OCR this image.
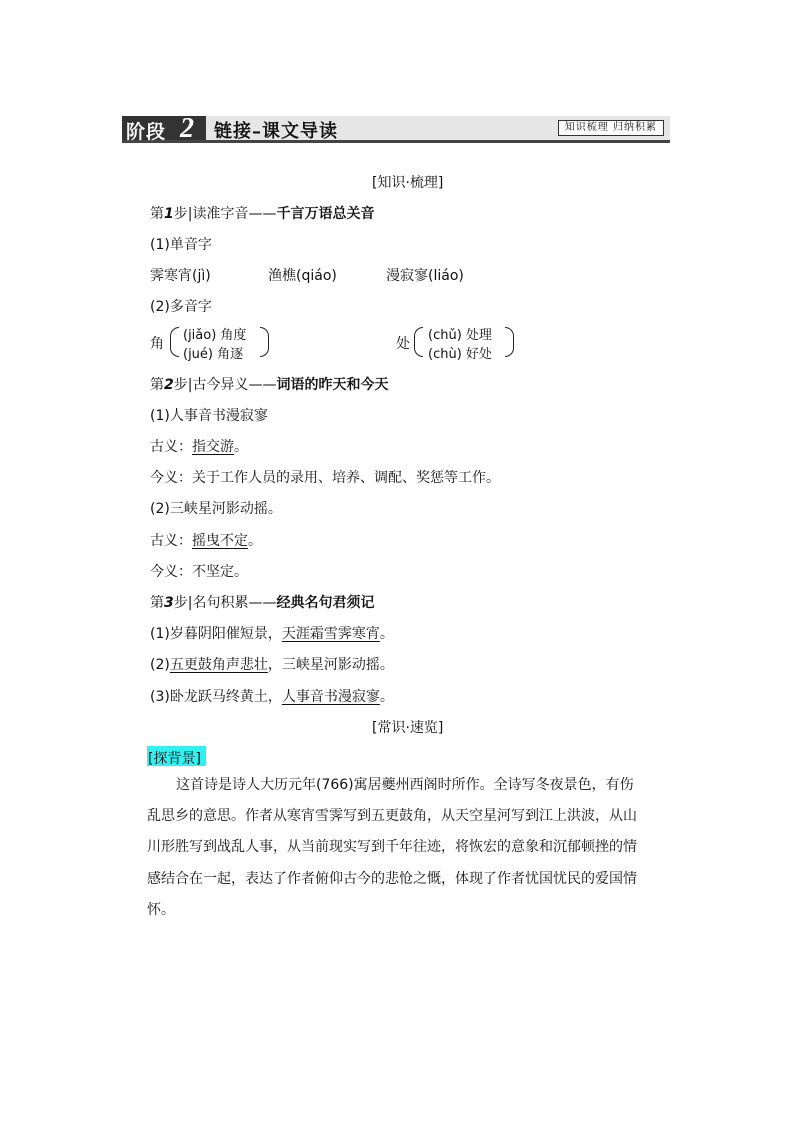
阶段 2 链接–课文导读	知识梳理 归纳积累
[知识·梳理]
第1步|读准字音——千言万语总关音
(1)单音字
霁寒宵(jì)	渔樵(qiáo)	漫寂寥(liáo)
(2)多音字
角
(jiǎo) 角度
(jué) 角逐
处
(chǔ) 处理
(chù) 好处
第2步|古今异义——词语的昨天和今天
(1)人事音书漫寂寥
古义：指交游。
今义：关于工作人员的录用、培养、调配、奖惩等工作。
(2)三峡星河影动摇。
古义：摇曳不定。
今义：不坚定。
第3步|名句积累——经典名句君须记
(1)岁暮阴阳催短景，天涯霜雪霁寒宵。
(2)五更鼓角声悲壮，三峡星河影动摇。
(3)卧龙跃马终黄土，人事音书漫寂寥。
[常识·速览]
[探背景]
这首诗是诗人大历元年(766)寓居夔州西阁时所作。全诗写冬夜景色，有伤
乱思乡的意思。作者从寒宵雪霁写到五更鼓角，从天空星河写到江上洪波，从山
川形胜写到战乱人事，从当前现实写到千年往迹，将恢宏的意象和沉郁顿挫的情
感结合在一起，表达了作者俯仰古今的悲怆之慨，体现了作者忧国忧民的爱国情
怀。
